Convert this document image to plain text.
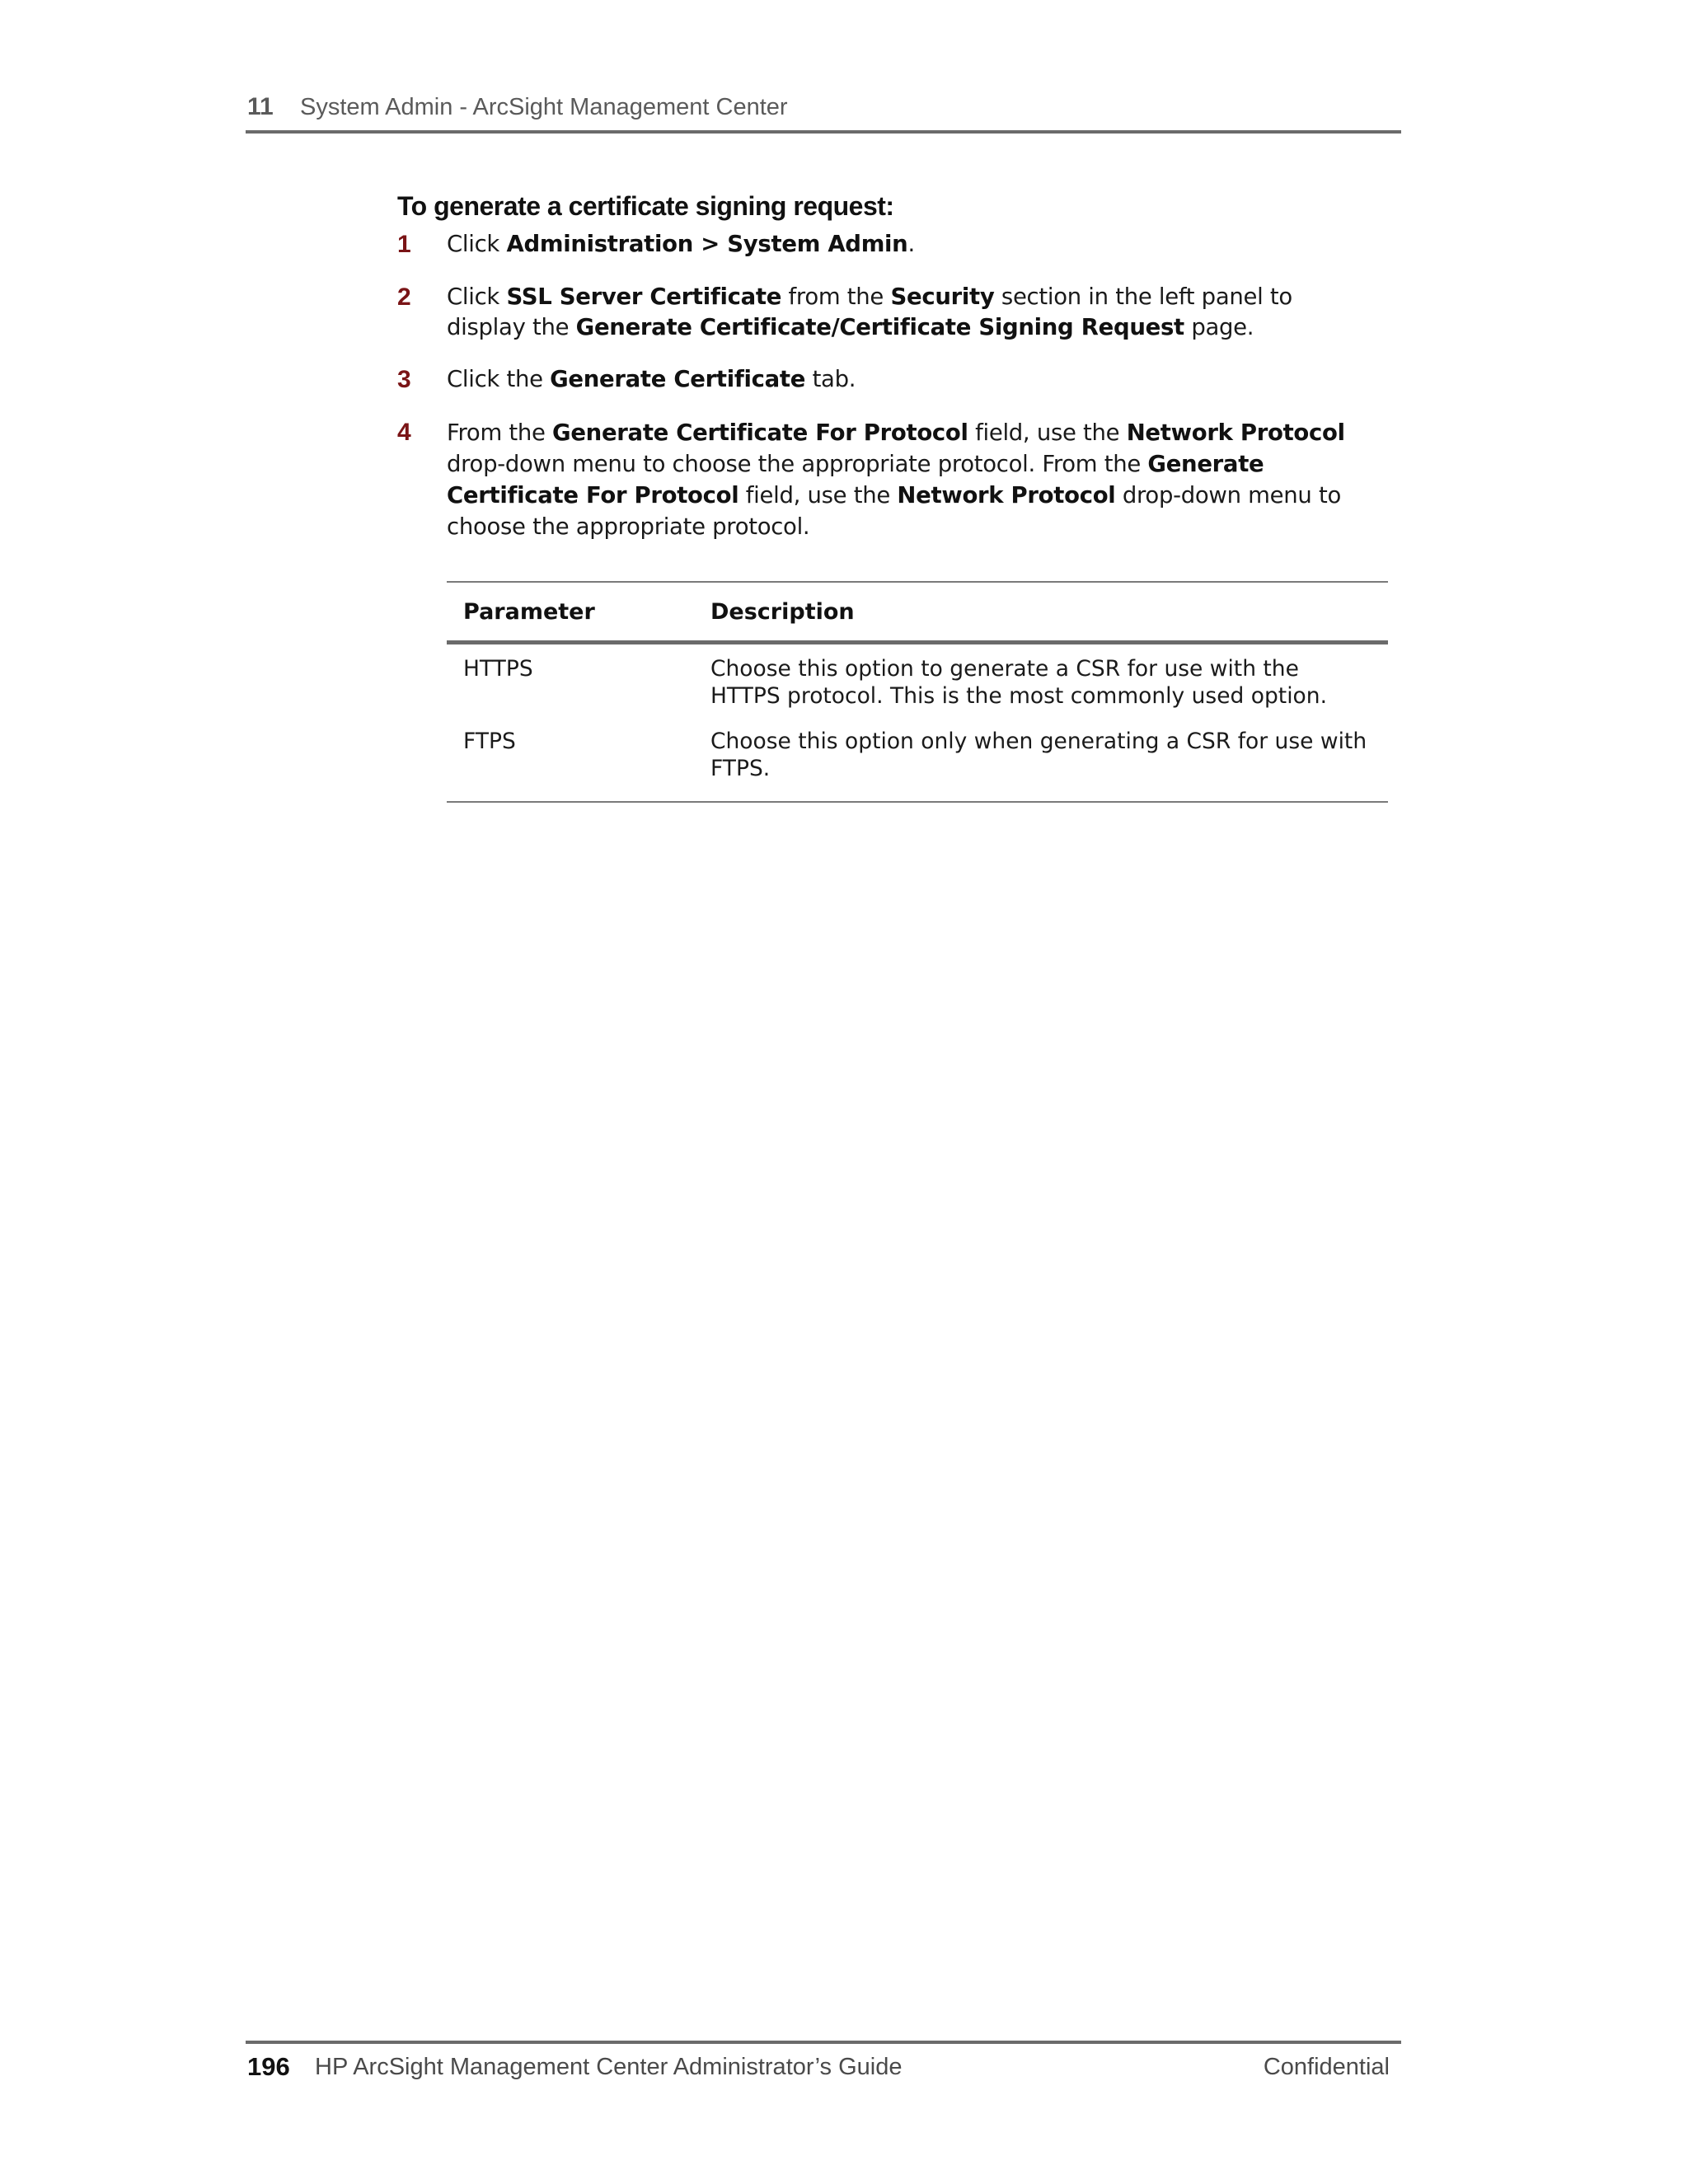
11 System Admin - ArcSight Management Center
To generate a certificate signing request:
1	Click Administration > System Admin.
2	Click SSL Server Certificate from the Security section in the left panel to display the Generate Certificate/Certificate Signing Request page.
3	Click the Generate Certificate tab.
4	From the Generate Certificate For Protocol field, use the Network Protocol drop-down menu to choose the appropriate protocol. From the Generate Certificate For Protocol field, use the Network Protocol drop-down menu to choose the appropriate protocol.
Parameter	Description
HTTPS	Choose this option to generate a CSR for use with the HTTPS protocol. This is the most commonly used option.
FTPS	Choose this option only when generating a CSR for use with FTPS.
196 HP ArcSight Management Center Administrator’s Guide	Confidential
